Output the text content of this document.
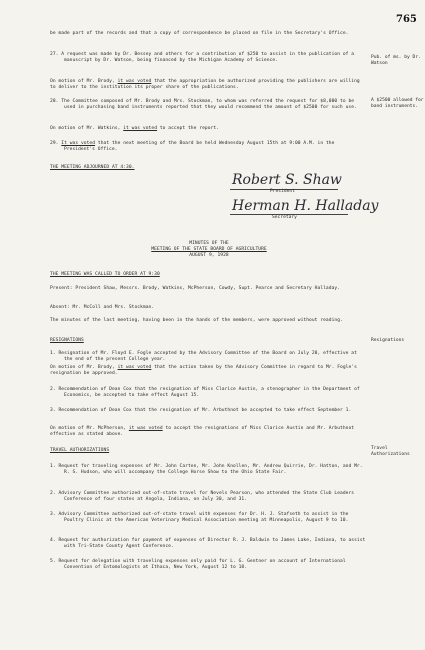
765

be made part of the records and that a copy of correspondence be placed on file in the Secretary's Office.

27. A request was made by Dr. Bessey and others for a contribution of $250 to assist in the publication of a manuscript by Dr. Watson, being financed by the Michigan Academy of Science.

Pub. of ms. by Dr. Watson

On motion of Mr. Brody, it was voted that the appropriation be authorized providing the publishers are willing to deliver to the institution its proper share of the publications.

28. The Committee composed of Mr. Brody and Mrs. Stockman, to whom was referred the request for $8,000 to be used in purchasing band instruments reported that they would recommend the amount of $2500 for such use.

A $2500 allowed for band instruments.

On motion of Mr. Watkins, it was voted to accept the report.

29. It was voted that the next meeting of the Board be held Wednesday August 15th at 9:00 A.M. in the President's Office.

THE MEETING ADJOURNED AT 4:30.

Robert S. Shaw
President
Herman H. Halladay
Secretary

MINUTES OF THE

MEETING OF THE STATE BOARD OF AGRICULTURE

AUGUST 9, 1928

THE MEETING WAS CALLED TO ORDER AT 9:30

Present: President Shaw, Messrs. Brody, Watkins, McPherson, Cowdy, Supt. Pearce and Secretary Halladay.

Absent: Mr. McColl and Mrs. Stockman.

The minutes of the last meeting, having been in the hands of the members, were approved without reading.

RESIGNATIONS	Resignations

1. Resignation of Mr. Floyd E. Fogle accepted by the Advisory Committee of the Board on July 20, effective at the end of the present College year.

On motion of Mr. Brody, it was voted that the action taken by the Advisory Committee in regard to Mr. Fogle's resignation be approved.

2. Recommendation of Dean Cox that the resignation of Miss Clarice Austin, a stenographer in the Department of Economics, be accepted to take effect August 15.

3. Recommendation of Dean Cox that the resignation of Mr. Arbuthnot be accepted to take effect September 1.

On motion of Mr. McPherson, it was voted to accept the resignations of Miss Clarice Austin and Mr. Arbuthnot effective as stated above.

TRAVEL AUTHORIZATIONS	Travel Authorizations

1. Request for traveling expenses of Mr. John Carten, Mr. John Knollen, Mr. Andrew Quirrie, Dr. Hatton, and Mr. R. S. Hudson, who will accompany the College Horse Show to the Ohio State Fair.

2. Advisory Committee authorized out-of-state travel for Nevels Pearson, who attended the State Club Leaders Conference of four states at Angola, Indiana, on July 30, and 31.

3. Advisory Committee authorized out-of-state travel with expenses for Dr. H. J. Stafseth to assist in the Poultry Clinic at the American Veterinary Medical Association meeting at Minneapolis, August 9 to 10.

4. Request for authorization for payment of expenses of Director R. J. Baldwin to James Lake, Indiana, to assist with Tri-State County Agent Conference.

5. Request for delegation with traveling expenses only paid for L. G. Gentner on account of International Convention of Entomologists at Ithaca, New York, August 12 to 18.
